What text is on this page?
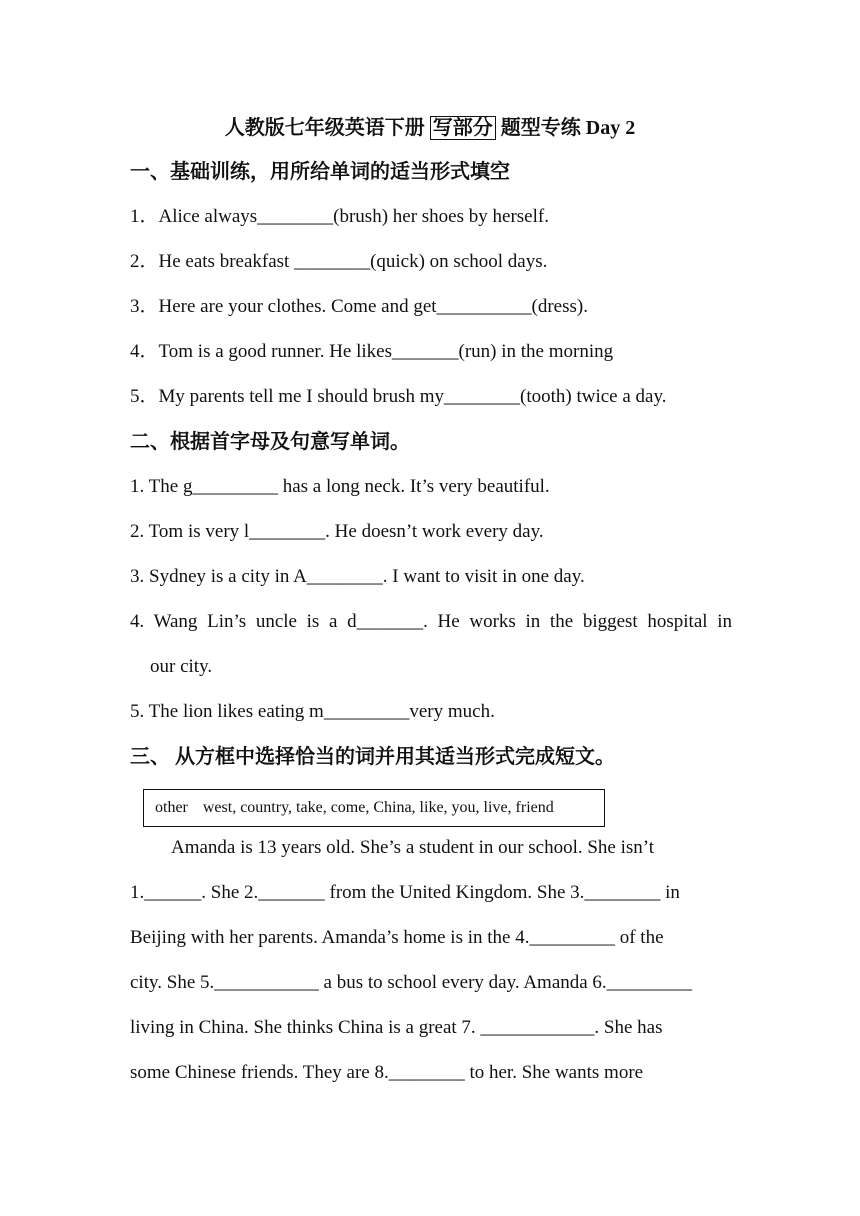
人教版七年级英语下册 写部分 题型专练 Day 2
一、基础训练，用所给单词的适当形式填空
1．Alice always________(brush) her shoes by herself.
2．He eats breakfast ________(quick) on school days.
3．Here are your clothes. Come and get__________(dress).
4．Tom is a good runner. He likes_______(run) in the morning
5．My parents tell me I should brush my________(tooth) twice a day.
二、根据首字母及句意写单词。
1. The g_________ has a long neck. It’s very beautiful.
2. Tom is very l________. He doesn’t work every day.
3. Sydney is a city in A________. I want to visit in one day.
4. Wang Lin’s uncle is a d_______. He works in the biggest hospital in
our city.
5. The lion likes eating m_________very much.
三、 从方框中选择恰当的词并用其适当形式完成短文。
other west, country, take, come, China, like, you, live, friend
Amanda is 13 years old. She’s a student in our school. She isn’t
1.______. She 2._______ from the United Kingdom. She 3.________ in
Beijing with her parents. Amanda’s home is in the 4._________ of the
city. She 5.___________ a bus to school every day. Amanda 6._________
living in China. She thinks China is a great 7. ____________. She has
some Chinese friends. They are 8.________ to her. She wants more
